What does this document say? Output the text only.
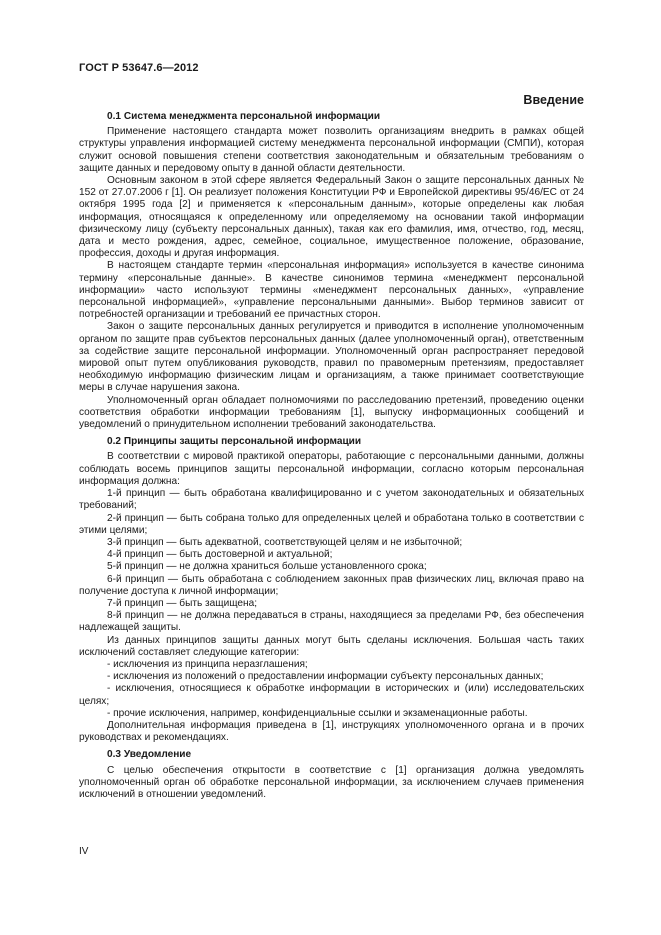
ГОСТ Р 53647.6—2012
Введение
0.1 Система менеджмента персональной информации

Применение настоящего стандарта может позволить организациям внедрить в рамках общей структуры управления информацией систему менеджмента персональной информации (СМПИ), которая служит основой повышения степени соответствия законодательным и обязательным требованиям о защите данных и передовому опыту в данной области деятельности.

Основным законом в этой сфере является Федеральный Закон о защите персональных данных № 152 от 27.07.2006 г [1]. Он реализует положения Конституции РФ и Европейской директивы 95/46/ЕС от 24 октября 1995 года [2] и применяется к «персональным данным», которые определены как любая информация, относящаяся к определенному или определяемому на основании такой информации физическому лицу (субъекту персональных данных), такая как его фамилия, имя, отчество, год, месяц, дата и место рождения, адрес, семейное, социальное, имущественное положение, образование, профессия, доходы и другая информация.

В настоящем стандарте термин «персональная информация» используется в качестве синонима термину «персональные данные». В качестве синонимов термина «менеджмент персональной информации» часто используют термины «менеджмент персональных данных», «управление персональной информацией», «управление персональными данными». Выбор терминов зависит от потребностей организации и требований ее причастных сторон.

Закон о защите персональных данных регулируется и приводится в исполнение уполномоченным органом по защите прав субъектов персональных данных (далее уполномоченный орган), ответственным за содействие защите персональной информации. Уполномоченный орган распространяет передовой мировой опыт путем опубликования руководств, правил по правомерным претензиям, предоставляет необходимую информацию физическим лицам и организациям, а также принимает соответствующие меры в случае нарушения закона.

Уполномоченный орган обладает полномочиями по расследованию претензий, проведению оценки соответствия обработки информации требованиям [1], выпуску информационных сообщений и уведомлений о принудительном исполнении требований законодательства.

0.2 Принципы защиты персональной информации

В соответствии с мировой практикой операторы, работающие с персональными данными, должны соблюдать восемь принципов защиты персональной информации, согласно которым персональная информация должна:

1-й принцип — быть обработана квалифицированно и с учетом законодательных и обязательных требований;

2-й принцип — быть собрана только для определенных целей и обработана только в соответствии с этими целями;

3-й принцип — быть адекватной, соответствующей целям и не избыточной;

4-й принцип — быть достоверной и актуальной;

5-й принцип — не должна храниться больше установленного срока;

6-й принцип — быть обработана с соблюдением законных прав физических лиц, включая право на получение доступа к личной информации;

7-й принцип — быть защищена;

8-й принцип — не должна передаваться в страны, находящиеся за пределами РФ, без обеспечения надлежащей защиты.

Из данных принципов защиты данных могут быть сделаны исключения. Большая часть таких исключений составляет следующие категории:

- исключения из принципа неразглашения;

- исключения из положений о предоставлении информации субъекту персональных данных;

- исключения, относящиеся к обработке информации в исторических и (или) исследовательских целях;

- прочие исключения, например, конфиденциальные ссылки и экзаменационные работы.

Дополнительная информация приведена в [1], инструкциях уполномоченного органа и в прочих руководствах и рекомендациях.

0.3 Уведомление

С целью обеспечения открытости в соответствие с [1] организация должна уведомлять уполномоченный орган об обработке персональной информации, за исключением случаев применения исключений в отношении уведомлений.

IV
